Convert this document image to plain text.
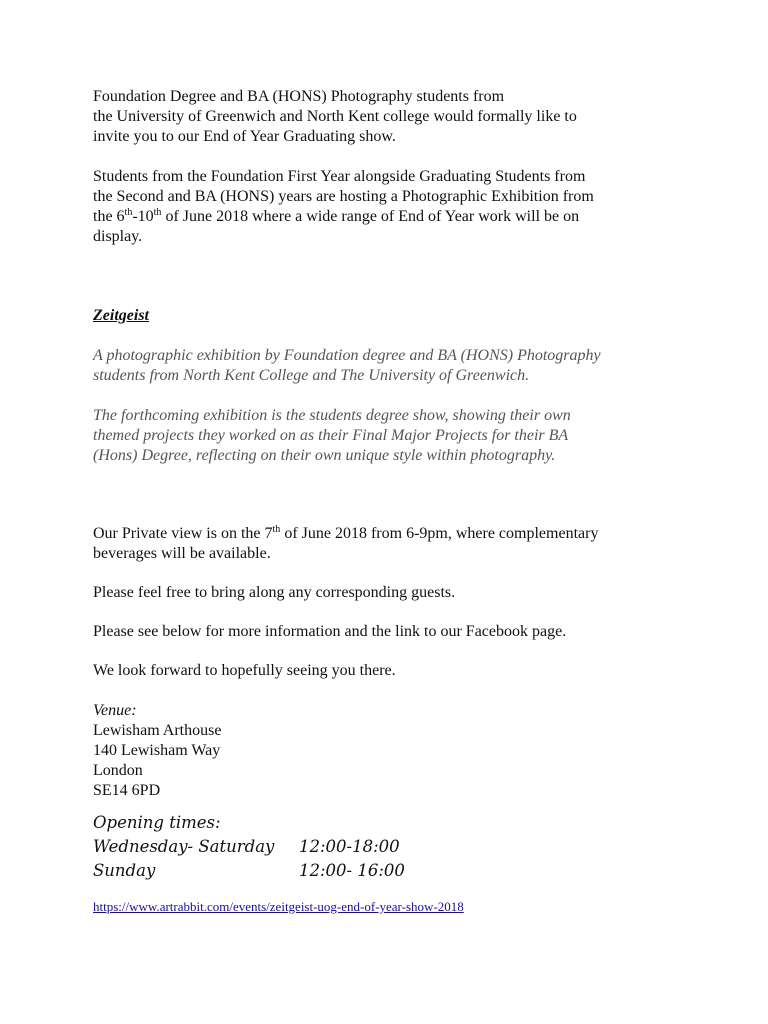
Foundation Degree and BA (HONS) Photography students from
the University of Greenwich and North Kent college would formally like to
invite you to our End of Year Graduating show.
Students from the Foundation First Year alongside Graduating Students from
the Second and BA (HONS) years are hosting a Photographic Exhibition from
the 6th-10th of June 2018 where a wide range of End of Year work will be on
display.
Zeitgeist
A photographic exhibition by Foundation degree and BA (HONS) Photography
students from North Kent College and The University of Greenwich.
The forthcoming exhibition is the students degree show, showing their own
themed projects they worked on as their Final Major Projects for their BA
(Hons) Degree, reflecting on their own unique style within photography.
Our Private view is on the 7th of June 2018 from 6-9pm, where complementary
beverages will be available.
Please feel free to bring along any corresponding guests.
Please see below for more information and the link to our Facebook page.
We look forward to hopefully seeing you there.
Venue:
Lewisham Arthouse
140 Lewisham Way
London
SE14 6PD
Opening times:
Wednesday- Saturday	12:00-18:00
Sunday	12:00- 16:00
https://www.artrabbit.com/events/zeitgeist-uog-end-of-year-show-2018
